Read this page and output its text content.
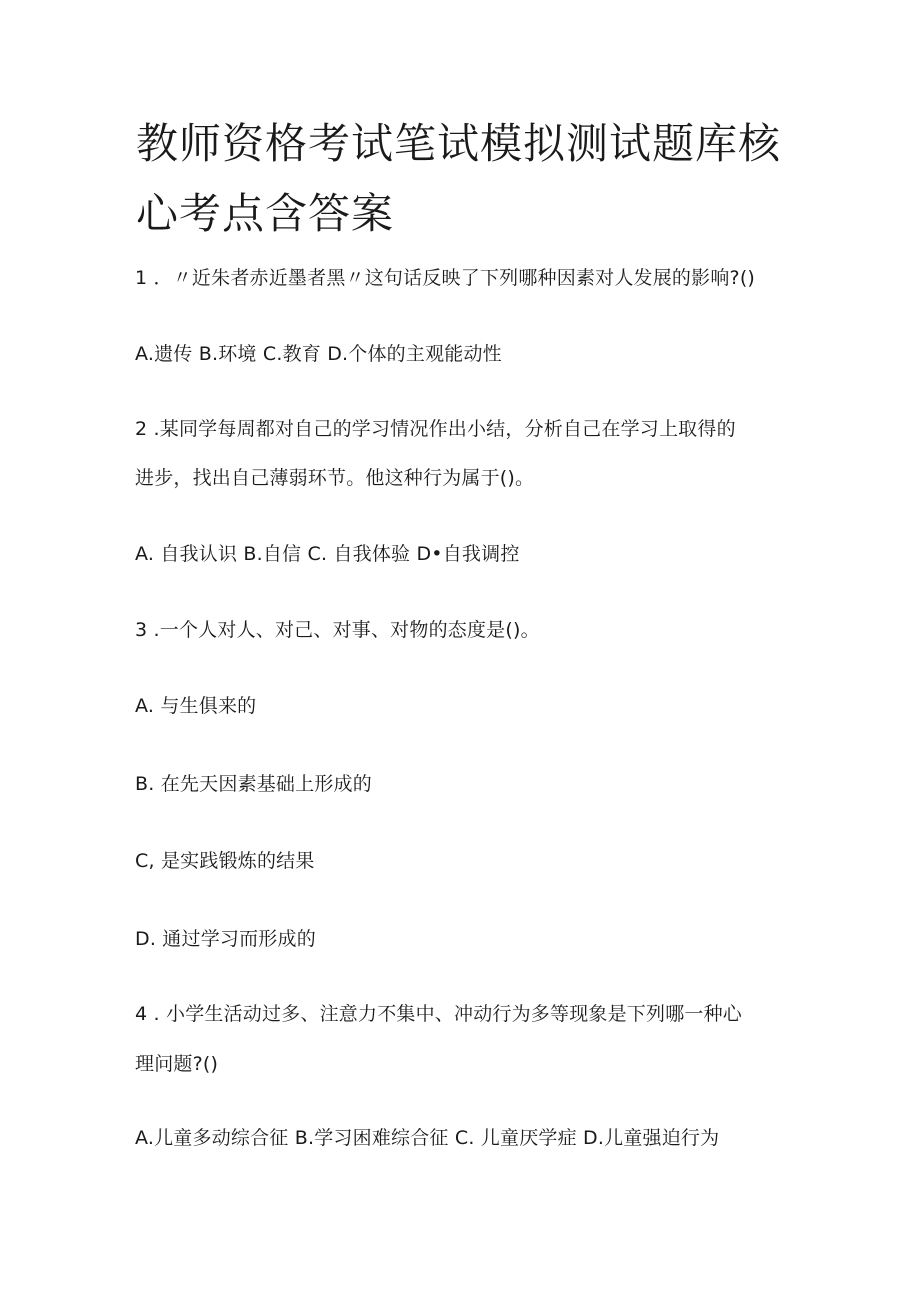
教师资格考试笔试模拟测试题库核
心考点含答案
1 ．〃近朱者赤近墨者黑〃这句话反映了下列哪种因素对人发展的影响?()
A.遗传 B.环境 C.教育 D.个体的主观能动性
2 .某同学每周都对自己的学习情况作出小结，分析自己在学习上取得的
进步，找出自己薄弱环节。他这种行为属于()。
A. 自我认识 B.自信 C. 自我体验 D•自我调控
3 .一个人对人、对己、对事、对物的态度是()。
A. 与生俱来的
B. 在先天因素基础上形成的
C, 是实践锻炼的结果
D. 通过学习而形成的
4 . 小学生活动过多、注意力不集中、冲动行为多等现象是下列哪一种心
理问题?()
A.儿童多动综合征 B.学习困难综合征 C. 儿童厌学症 D.儿童强迫行为
